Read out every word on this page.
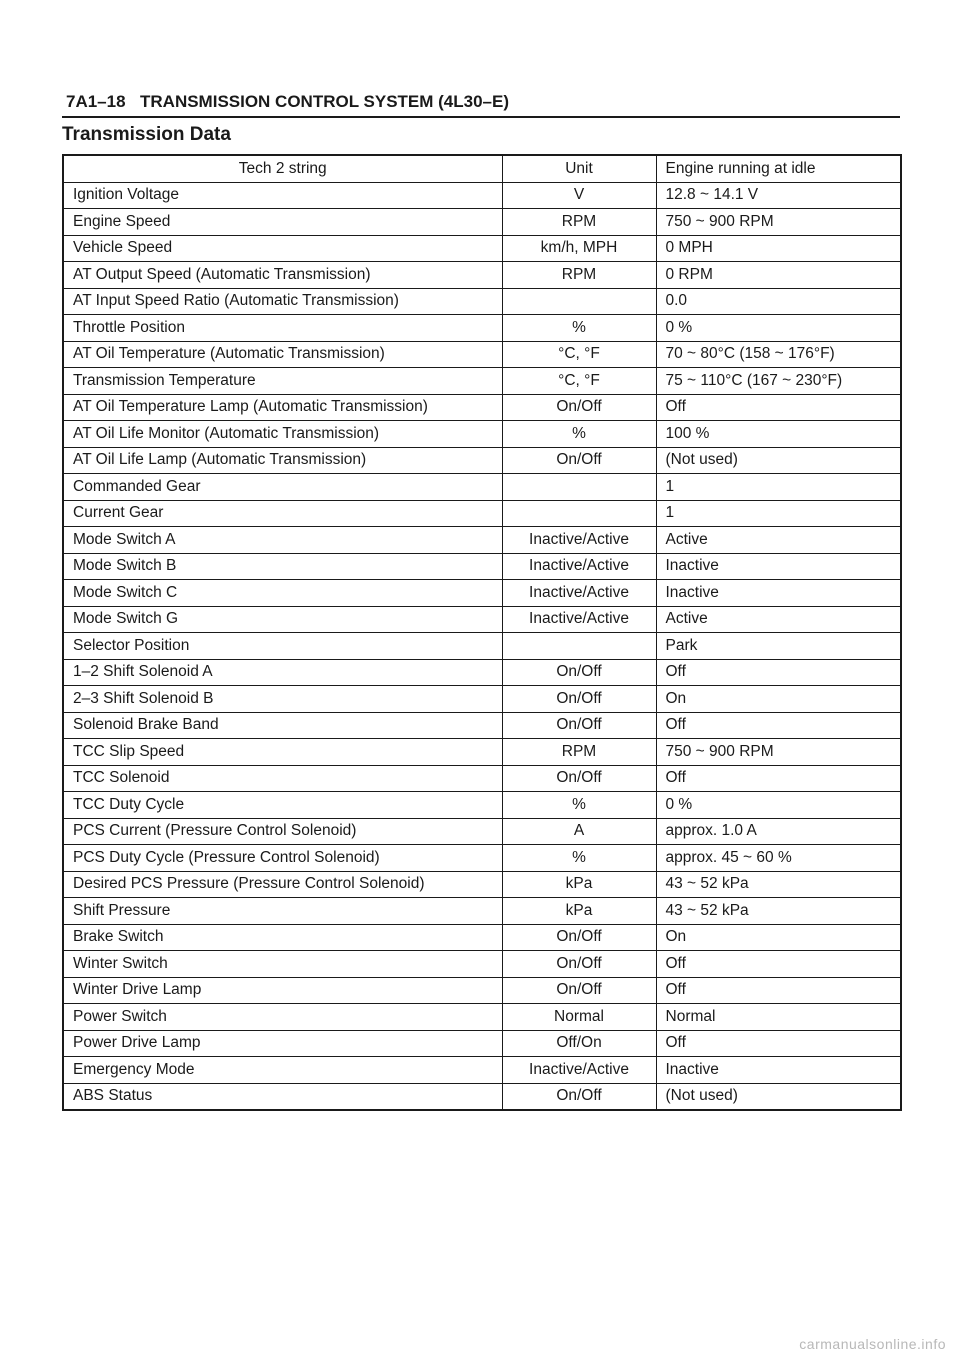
7A1–18 TRANSMISSION CONTROL SYSTEM (4L30–E)
Transmission Data
Tech 2 string	Unit	Engine running at idle
Ignition Voltage	V	12.8 ~ 14.1 V
Engine Speed	RPM	750 ~ 900 RPM
Vehicle Speed	km/h, MPH	0 MPH
AT Output Speed (Automatic Transmission)	RPM	0 RPM
AT Input Speed Ratio (Automatic Transmission)		0.0
Throttle Position	%	0 %
AT Oil Temperature (Automatic Transmission)	°C, °F	70 ~ 80°C (158 ~ 176°F)
Transmission Temperature	°C, °F	75 ~ 110°C (167 ~ 230°F)
AT Oil Temperature Lamp (Automatic Transmission)	On/Off	Off
AT Oil Life Monitor (Automatic Transmission)	%	100 %
AT Oil Life Lamp (Automatic Transmission)	On/Off	(Not used)
Commanded Gear		1
Current Gear		1
Mode Switch A	Inactive/Active	Active
Mode Switch B	Inactive/Active	Inactive
Mode Switch C	Inactive/Active	Inactive
Mode Switch G	Inactive/Active	Active
Selector Position		Park
1–2 Shift Solenoid A	On/Off	Off
2–3 Shift Solenoid B	On/Off	On
Solenoid Brake Band	On/Off	Off
TCC Slip Speed	RPM	750 ~ 900 RPM
TCC Solenoid	On/Off	Off
TCC Duty Cycle	%	0 %
PCS Current (Pressure Control Solenoid)	A	approx. 1.0 A
PCS Duty Cycle (Pressure Control Solenoid)	%	approx. 45 ~ 60 %
Desired PCS Pressure (Pressure Control Solenoid)	kPa	43 ~ 52 kPa
Shift Pressure	kPa	43 ~ 52 kPa
Brake Switch	On/Off	On
Winter Switch	On/Off	Off
Winter Drive Lamp	On/Off	Off
Power Switch	Normal	Normal
Power Drive Lamp	Off/On	Off
Emergency Mode	Inactive/Active	Inactive
ABS Status	On/Off	(Not used)
carmanualsonline.info
